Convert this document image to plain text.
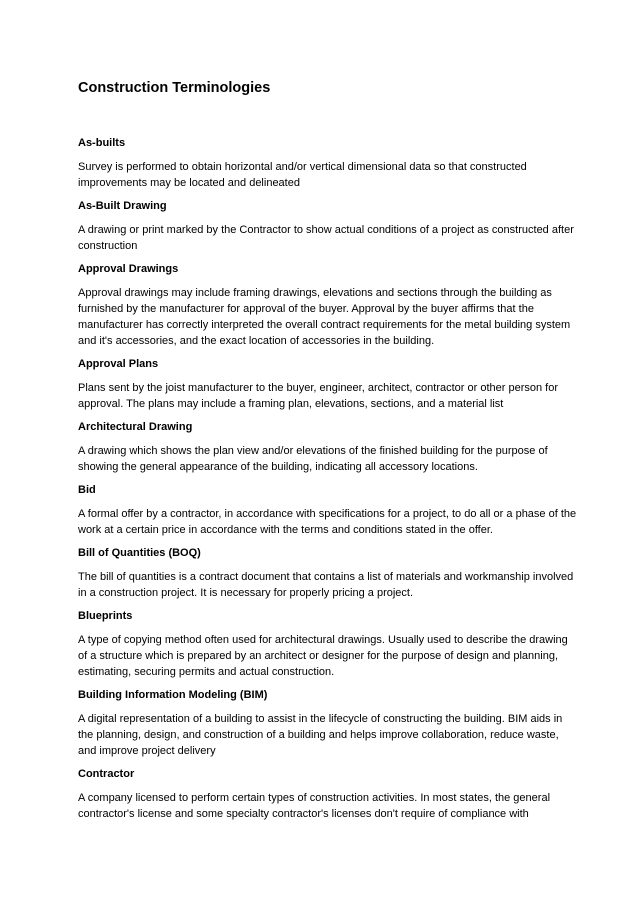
Construction Terminologies
As-builts
Survey is performed to obtain horizontal and/or vertical dimensional data so that constructed improvements may be located and delineated
As-Built Drawing
A drawing or print marked by the Contractor to show actual conditions of a project as constructed after construction
Approval Drawings
Approval drawings may include framing drawings, elevations and sections through the building as furnished by the manufacturer for approval of the buyer. Approval by the buyer affirms that the manufacturer has correctly interpreted the overall contract requirements for the metal building system and it's accessories, and the exact location of accessories in the building.
Approval Plans
Plans sent by the joist manufacturer to the buyer, engineer, architect, contractor or other person for approval. The plans may include a framing plan, elevations, sections, and a material list
Architectural Drawing
A drawing which shows the plan view and/or elevations of the finished building for the purpose of showing the general appearance of the building, indicating all accessory locations.
Bid
A formal offer by a contractor, in accordance with specifications for a project, to do all or a phase of the work at a certain price in accordance with the terms and conditions stated in the offer.
Bill of Quantities (BOQ)
The bill of quantities is a contract document that contains a list of materials and workmanship involved in a construction project. It is necessary for properly pricing a project.
Blueprints
A type of copying method often used for architectural drawings. Usually used to describe the drawing of a structure which is prepared by an architect or designer for the purpose of design and planning, estimating, securing permits and actual construction.
Building Information Modeling (BIM)
A digital representation of a building to assist in the lifecycle of constructing the building. BIM aids in the planning, design, and construction of a building and helps improve collaboration, reduce waste, and improve project delivery
Contractor
A company licensed to perform certain types of construction activities. In most states, the general contractor's license and some specialty contractor's licenses don't require of compliance with
